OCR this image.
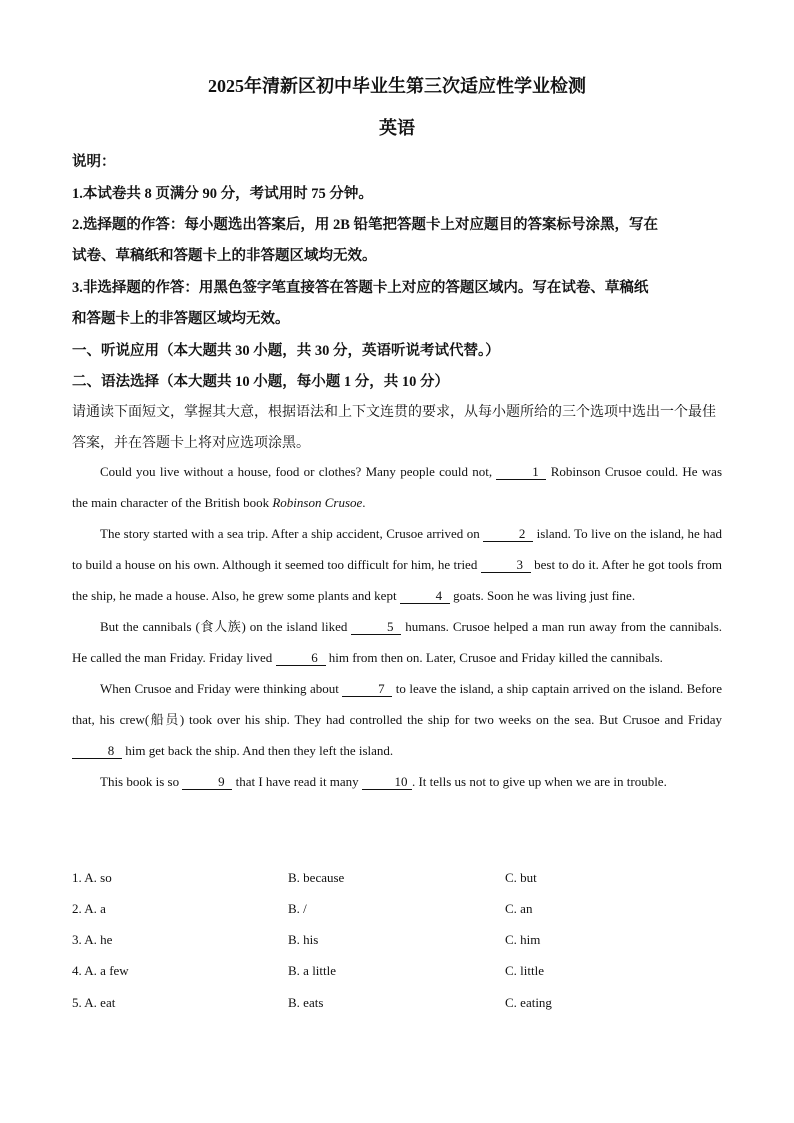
2025年清新区初中毕业生第三次适应性学业检测
英语
说明：
1.本试卷共 8 页满分 90 分，考试用时 75 分钟。
2.选择题的作答：每小题选出答案后，用 2B 铅笔把答题卡上对应题目的答案标号涂黑，写在
试卷、草稿纸和答题卡上的非答题区域均无效。
3.非选择题的作答：用黑色签字笔直接答在答题卡上对应的答题区域内。写在试卷、草稿纸
和答题卡上的非答题区域均无效。
一、听说应用（本大题共 30 小题，共 30 分，英语听说考试代替。）
二、语法选择（本大题共 10 小题，每小题 1 分，共 10 分）
请通读下面短文，掌握其大意，根据语法和上下文连贯的要求，从每小题所给的三个选项中选出一个最佳
答案，并在答题卡上将对应选项涂黑。

Could you live without a house, food or clothes? Many people could not,	1 Robinson Crusoe could. He was the main character of the British book Robinson Crusoe.

The story started with a sea trip. After a ship accident, Crusoe arrived on	2 island. To live on the island, he had to build a house on his own. Although it seemed too difficult for him, he tried	3 best to do it. After he got tools from the ship, he made a house. Also, he grew some plants and kept	4 goats. Soon he was living just fine.

But the cannibals (食人族) on the island liked	5 humans. Crusoe helped a man run away from the cannibals. He called the man Friday. Friday lived	6 him from then on. Later, Crusoe and Friday killed the cannibals.

When Crusoe and Friday were thinking about	7 to leave the island, a ship captain arrived on the island. Before that, his crew(船员) took over his ship. They had controlled the ship for two weeks on the sea. But Crusoe and Friday 8 him get back the ship. And then they left the island.

This book is so	9 that I have read it many	10 . It tells us not to give up when we are in trouble.

1. A. so	B. because	C. but
2. A. a	B. /	C. an
3. A. he	B. his	C. him
4. A. a few	B. a little	C. little
5. A. eat	B. eats	C. eating
